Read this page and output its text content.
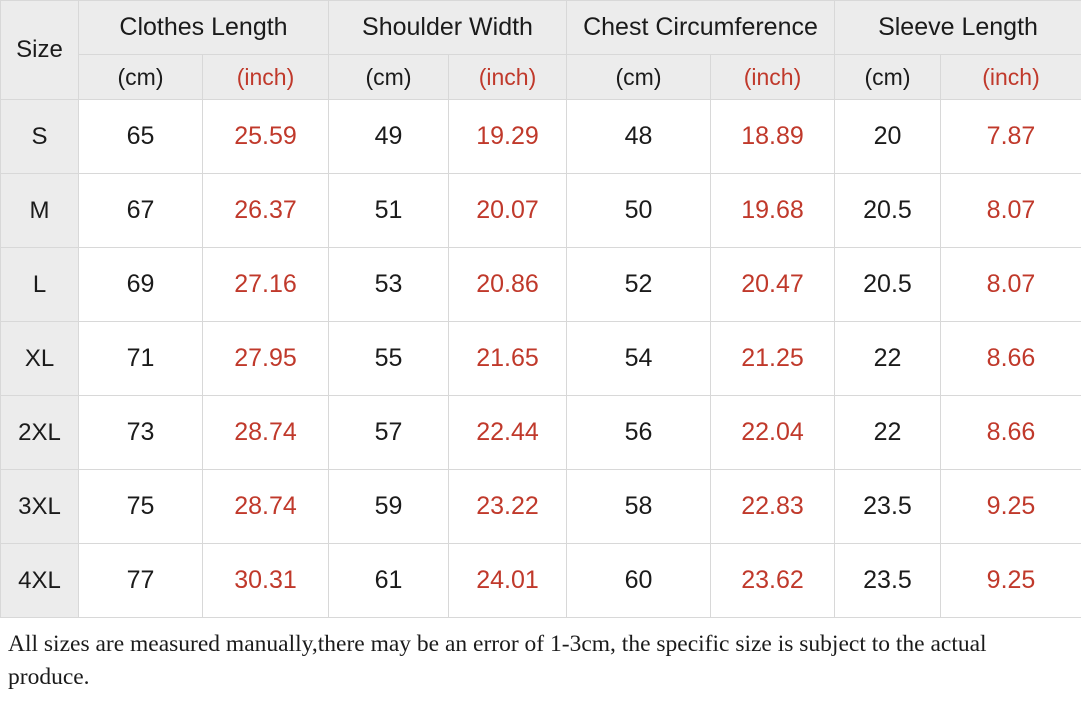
Size	Clothes Length		Shoulder Width		Chest Circumference		Sleeve Length	
	(cm)	(inch)	(cm)	(inch)	(cm)	(inch)	(cm)	(inch)
S	65	25.59	49	19.29	48	18.89	20	7.87
M	67	26.37	51	20.07	50	19.68	20.5	8.07
L	69	27.16	53	20.86	52	20.47	20.5	8.07
XL	71	27.95	55	21.65	54	21.25	22	8.66
2XL	73	28.74	57	22.44	56	22.04	22	8.66
3XL	75	28.74	59	23.22	58	22.83	23.5	9.25
4XL	77	30.31	61	24.01	60	23.62	23.5	9.25
All sizes are measured manually,there may be an error of 1-3cm, the specific size is subject to the actual produce.
